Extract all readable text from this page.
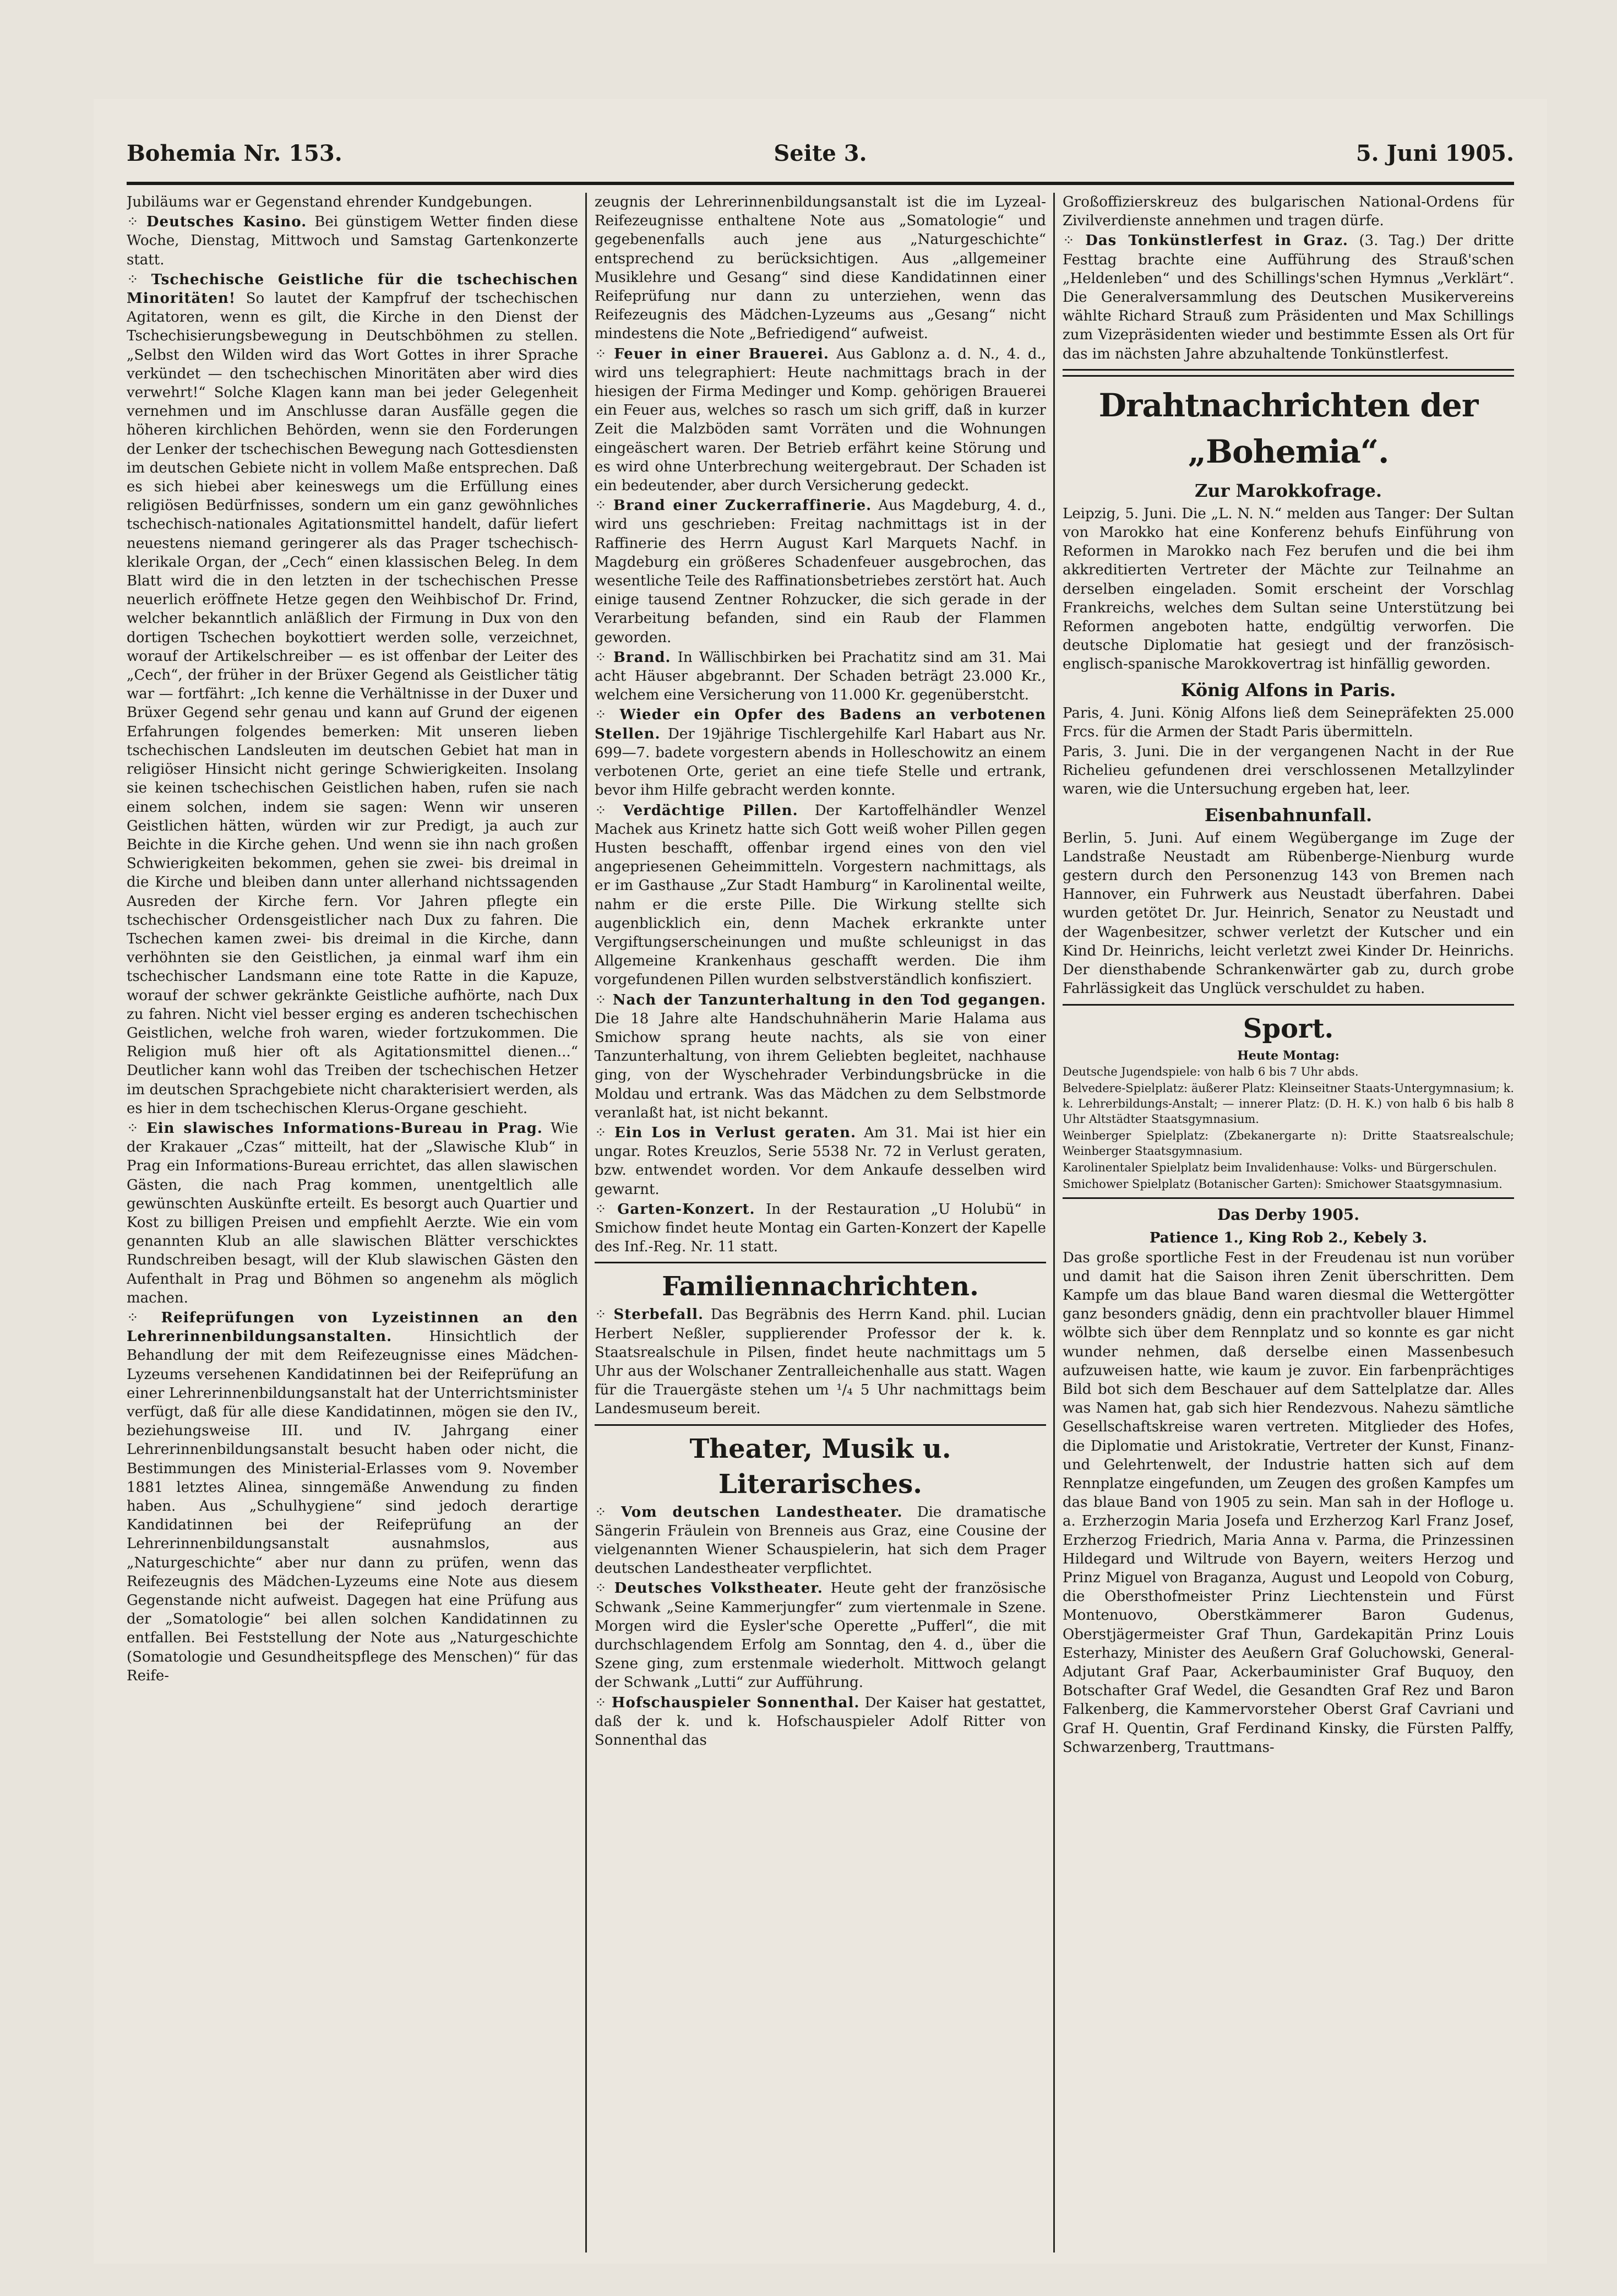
Bohemia Nr. 153.	Seite 3.	5. Juni 1905.

Jubiläums war er Gegenstand ehrender Kundgebungen.

⁘ Deutsches Kasino. Bei günstigem Wetter finden diese Woche, Dienstag, Mittwoch und Samstag Gartenkonzerte statt.

⁘ Tschechische Geistliche für die tschechischen Minoritäten! So lautet der Kampfruf der tschechischen Agitatoren, wenn es gilt, die Kirche in den Dienst der Tschechisierungsbewegung in Deutschböhmen zu stellen. „Selbst den Wilden wird das Wort Gottes in ihrer Sprache verkündet — den tschechischen Minoritäten aber wird dies verwehrt!“ Solche Klagen kann man bei jeder Gelegenheit vernehmen und im Anschlusse daran Ausfälle gegen die höheren kirchlichen Behörden, wenn sie den Forderungen der Lenker der tschechischen Bewegung nach Gottesdiensten im deutschen Gebiete nicht in vollem Maße entsprechen. Daß es sich hiebei aber keineswegs um die Erfüllung eines religiösen Bedürfnisses, sondern um ein ganz gewöhnliches tschechisch-nationales Agitationsmittel handelt, dafür liefert neuestens niemand geringerer als das Prager tschechisch-klerikale Organ, der „Cech“ einen klassischen Beleg. In dem Blatt wird die in den letzten in der tschechischen Presse neuerlich eröffnete Hetze gegen den Weihbischof Dr. Frind, welcher bekanntlich anläßlich der Firmung in Dux von den dortigen Tschechen boykottiert werden solle, verzeichnet, worauf der Artikelschreiber — es ist offenbar der Leiter des „Cech“, der früher in der Brüxer Gegend als Geistlicher tätig war — fortfährt: „Ich kenne die Verhältnisse in der Duxer und Brüxer Gegend sehr genau und kann auf Grund der eigenen Erfahrungen folgendes bemerken: Mit unseren lieben tschechischen Landsleuten im deutschen Gebiet hat man in religiöser Hinsicht nicht geringe Schwierigkeiten. Insolang sie keinen tschechischen Geistlichen haben, rufen sie nach einem solchen, indem sie sagen: Wenn wir unseren Geistlichen hätten, würden wir zur Predigt, ja auch zur Beichte in die Kirche gehen. Und wenn sie ihn nach großen Schwierigkeiten bekommen, gehen sie zwei- bis dreimal in die Kirche und bleiben dann unter allerhand nichtssagenden Ausreden der Kirche fern. Vor Jahren pflegte ein tschechischer Ordensgeistlicher nach Dux zu fahren. Die Tschechen kamen zwei- bis dreimal in die Kirche, dann verhöhnten sie den Geistlichen, ja einmal warf ihm ein tschechischer Landsmann eine tote Ratte in die Kapuze, worauf der schwer gekränkte Geistliche aufhörte, nach Dux zu fahren. Nicht viel besser erging es anderen tschechischen Geistlichen, welche froh waren, wieder fortzukommen. Die Religion muß hier oft als Agitationsmittel dienen...“ Deutlicher kann wohl das Treiben der tschechischen Hetzer im deutschen Sprachgebiete nicht charakterisiert werden, als es hier in dem tschechischen Klerus-Organe geschieht.

⁘ Ein slawisches Informations-Bureau in Prag. Wie der Krakauer „Czas“ mitteilt, hat der „Slawische Klub“ in Prag ein Informations-Bureau errichtet, das allen slawischen Gästen, die nach Prag kommen, unentgeltlich alle gewünschten Auskünfte erteilt. Es besorgt auch Quartier und Kost zu billigen Preisen und empfiehlt Aerzte. Wie ein vom genannten Klub an alle slawischen Blätter verschicktes Rundschreiben besagt, will der Klub slawischen Gästen den Aufenthalt in Prag und Böhmen so angenehm als möglich machen.

⁘ Reifeprüfungen von Lyzeistinnen an den Lehrerinnenbildungsanstalten.	Hinsichtlich der Behandlung der mit dem Reifezeugnisse eines Mädchen-Lyzeums versehenen Kandidatinnen bei der Reifeprüfung an einer Lehrerinnenbildungsanstalt hat der Unterrichtsminister verfügt, daß für alle diese Kandidatinnen, mögen sie den IV., beziehungsweise III. und IV. Jahrgang einer Lehrerinnenbildungsanstalt besucht haben oder nicht, die Bestimmungen des Ministerial-Erlasses vom 9. November 1881 letztes Alinea, sinngemäße Anwendung zu finden haben. Aus „Schulhygiene“ sind jedoch derartige Kandidatinnen bei der Reifeprüfung an der Lehrerinnenbildungsanstalt ausnahmslos, aus „Naturgeschichte“ aber nur dann zu prüfen, wenn das Reifezeugnis des Mädchen-Lyzeums eine Note aus diesem Gegenstande nicht aufweist. Dagegen hat eine Prüfung aus der „Somatologie“ bei allen solchen Kandidatinnen zu entfallen. Bei Feststellung der Note aus „Naturgeschichte (Somatologie und Gesundheitspflege des Menschen)“ für das Reife-

zeugnis der Lehrerinnenbildungsanstalt ist die im Lyzeal-Reifezeugnisse enthaltene Note aus „Somatologie“ und gegebenenfalls auch jene aus „Naturgeschichte“ entsprechend zu berücksichtigen. Aus „allgemeiner Musiklehre und Gesang“ sind diese Kandidatinnen einer Reifeprüfung nur dann zu unterziehen, wenn das Reifezeugnis des Mädchen-Lyzeums aus „Gesang“ nicht mindestens die Note „Befriedigend“ aufweist.

⁘ Feuer in einer Brauerei. Aus Gablonz a. d. N., 4. d., wird uns telegraphiert: Heute nachmittags brach in der hiesigen der Firma Medinger und Komp. gehörigen Brauerei ein Feuer aus, welches so rasch um sich griff, daß in kurzer Zeit die Malzböden samt Vorräten und die Wohnungen eingeäschert waren. Der Betrieb erfährt keine Störung und es wird ohne Unterbrechung weitergebraut. Der Schaden ist ein bedeutender, aber durch Versicherung gedeckt.

⁘ Brand einer Zuckerraffinerie. Aus Magdeburg, 4. d., wird uns geschrieben: Freitag nachmittags ist in der Raffinerie des Herrn August Karl Marquets Nachf. in Magdeburg ein größeres Schadenfeuer ausgebrochen, das wesentliche Teile des Raffinationsbetriebes zerstört hat. Auch einige tausend Zentner Rohzucker, die sich gerade in der Verarbeitung befanden, sind ein Raub der Flammen geworden.

⁘ Brand. In Wällischbirken bei Prachatitz sind am 31. Mai acht Häuser abgebrannt. Der Schaden beträgt 23.000 Kr., welchem eine Versicherung von 11.000 Kr. gegenüberstcht.

⁘ Wieder ein Opfer des Badens an verbotenen Stellen. Der 19jährige Tischlergehilfe Karl Habart aus Nr. 699—7. badete vorgestern abends in Holleschowitz an einem verbotenen Orte, geriet an eine tiefe Stelle und ertrank, bevor ihm Hilfe gebracht werden konnte.

⁘ Verdächtige Pillen. Der Kartoffelhändler Wenzel Machek aus Krinetz hatte sich Gott weiß woher Pillen gegen Husten beschafft, offenbar irgend eines von den viel angepriesenen Geheimmitteln. Vorgestern nachmittags, als er im Gasthause „Zur Stadt Hamburg“ in Karolinental weilte, nahm er die erste Pille. Die Wirkung stellte sich augenblicklich ein, denn Machek erkrankte unter Vergiftungserscheinungen und mußte schleunigst in das Allgemeine Krankenhaus geschafft werden. Die ihm vorgefundenen Pillen wurden selbstverständlich konfisziert.

⁘ Nach der Tanzunterhaltung in den Tod gegangen. Die 18 Jahre alte Handschuhnäherin Marie Halama aus Smichow sprang heute nachts, als sie von einer Tanzunterhaltung, von ihrem Geliebten begleitet, nachhause ging, von der Wyschehrader Verbindungsbrücke in die Moldau und ertrank. Was das Mädchen zu dem Selbstmorde veranlaßt hat, ist nicht bekannt.

⁘ Ein Los in Verlust geraten. Am 31. Mai ist hier ein ungar. Rotes Kreuzlos, Serie 5538 Nr. 72 in Verlust geraten, bzw. entwendet worden. Vor dem Ankaufe desselben wird gewarnt.

⁘ Garten-Konzert. In der Restauration „U Holubü“ in Smichow findet heute Montag ein Garten-Konzert der Kapelle des Inf.-Reg. Nr. 11 statt.

Familiennachrichten.

⁘ Sterbefall. Das Begräbnis des Herrn Kand. phil. Lucian Herbert Neßler, supplierender Professor der k. k. Staatsrealschule in Pilsen, findet heute nachmittags um 5 Uhr aus der Wolschaner Zentralleichenhalle aus statt. Wagen für die Trauergäste stehen um ¹/₄ 5 Uhr nachmittags beim Landesmuseum bereit.

Theater, Musik u. Literarisches.

⁘ Vom deutschen Landestheater. Die dramatische Sängerin Fräulein von Brenneis aus Graz, eine Cousine der vielgenannten Wiener Schauspielerin, hat sich dem Prager deutschen Landestheater verpflichtet.

⁘ Deutsches Volkstheater. Heute geht der französische Schwank „Seine Kammerjungfer“ zum viertenmale in Szene. Morgen wird die Eysler'sche Operette „Pufferl“, die mit durchschlagendem Erfolg am Sonntag, den 4. d., über die Szene ging, zum erstenmale wiederholt. Mittwoch gelangt der Schwank „Lutti“ zur Aufführung.

⁘ Hofschauspieler Sonnenthal. Der Kaiser hat gestattet, daß der k. und k. Hofschauspieler Adolf Ritter von Sonnenthal das

Großoffizierskreuz des bulgarischen National-Ordens für Zivilverdienste annehmen und tragen dürfe.

⁘ Das Tonkünstlerfest in Graz. (3. Tag.) Der dritte Festtag brachte eine Aufführung des Strauß'schen „Heldenleben“ und des Schillings'schen Hymnus „Verklärt“. Die Generalversammlung des Deutschen Musikervereins wählte Richard Strauß zum Präsidenten und Max Schillings zum Vizepräsidenten wieder und bestimmte Essen als Ort für das im nächsten Jahre abzuhaltende Tonkünstlerfest.

Drahtnachrichten der „Bohemia“.
Zur Marokkofrage.

Leipzig, 5. Juni. Die „L. N. N.“ melden aus Tanger: Der Sultan von Marokko hat eine Konferenz behufs Einführung von Reformen in Marokko nach Fez berufen und die bei ihm akkreditierten Vertreter der Mächte zur Teilnahme an derselben eingeladen. Somit erscheint der Vorschlag Frankreichs, welches dem Sultan seine Unterstützung bei Reformen angeboten hatte, endgültig verworfen. Die deutsche Diplomatie hat gesiegt und der französisch-englisch-spanische Marokkovertrag ist hinfällig geworden.

König Alfons in Paris.

Paris, 4. Juni. König Alfons ließ dem Seinepräfekten 25.000 Frcs. für die Armen der Stadt Paris übermitteln.

Paris, 3. Juni. Die in der vergangenen Nacht in der Rue Richelieu gefundenen drei verschlossenen Metallzylinder waren, wie die Untersuchung ergeben hat, leer.

Eisenbahnunfall.

Berlin, 5. Juni. Auf einem Wegübergange im Zuge der Landstraße Neustadt am Rübenberge-Nienburg wurde gestern durch den Personenzug 143 von Bremen nach Hannover, ein Fuhrwerk aus Neustadt überfahren. Dabei wurden getötet Dr. Jur. Heinrich, Senator zu Neustadt und der Wagenbesitzer, schwer verletzt der Kutscher und ein Kind Dr. Heinrichs, leicht verletzt zwei Kinder Dr. Heinrichs. Der diensthabende Schrankenwärter gab zu, durch grobe Fahrlässigkeit das Unglück verschuldet zu haben.

Sport.
Heute Montag:

Deutsche Jugendspiele: von halb 6 bis 7 Uhr abds.

Belvedere-Spielplatz: äußerer Platz: Kleinseitner Staats-Untergymnasium; k. k. Lehrerbildungs-Anstalt; — innerer Platz: (D. H. K.) von halb 6 bis halb 8 Uhr Altstädter Staatsgymnasium.

Weinberger Spielplatz: (Zbekanergarte n): Dritte Staatsrealschule; Weinberger Staatsgymnasium.

Karolinentaler Spielplatz beim Invalidenhause: Volks- und Bürgerschulen.

Smichower Spielplatz (Botanischer Garten): Smichower Staatsgymnasium.

Das Derby 1905.
Patience 1., King Rob 2., Kebely 3.

Das große sportliche Fest in der Freudenau ist nun vorüber und damit hat die Saison ihren Zenit überschritten. Dem Kampfe um das blaue Band waren diesmal die Wettergötter ganz besonders gnädig, denn ein prachtvoller blauer Himmel wölbte sich über dem Rennplatz und so konnte es gar nicht wunder nehmen, daß derselbe einen Massenbesuch aufzuweisen hatte, wie kaum je zuvor. Ein farbenprächtiges Bild bot sich dem Beschauer auf dem Sattelplatze dar. Alles was Namen hat, gab sich hier Rendezvous. Nahezu sämtliche Gesellschaftskreise waren vertreten. Mitglieder des Hofes, die Diplomatie und Aristokratie, Vertreter der Kunst, Finanz- und Gelehrtenwelt, der Industrie hatten sich auf dem Rennplatze eingefunden, um Zeugen des großen Kampfes um das blaue Band von 1905 zu sein. Man sah in der Hofloge u. a. Erzherzogin Maria Josefa und Erzherzog Karl Franz Josef, Erzherzog Friedrich, Maria Anna v. Parma, die Prinzessinen Hildegard und Wiltrude von Bayern, weiters Herzog und Prinz Miguel von Braganza, August und Leopold von Coburg, die Obersthofmeister Prinz Liechtenstein und Fürst Montenuovo, Oberstkämmerer Baron Gudenus, Oberstjägermeister Graf Thun, Gardekapitän Prinz Louis Esterhazy, Minister des Aeußern Graf Goluchowski, General-Adjutant Graf Paar, Ackerbauminister Graf Buquoy, den Botschafter Graf Wedel, die Gesandten Graf Rez und Baron Falkenberg, die Kammervorsteher Oberst Graf Cavriani und Graf H. Quentin, Graf Ferdinand Kinsky, die Fürsten Palffy, Schwarzenberg, Trauttmans-
